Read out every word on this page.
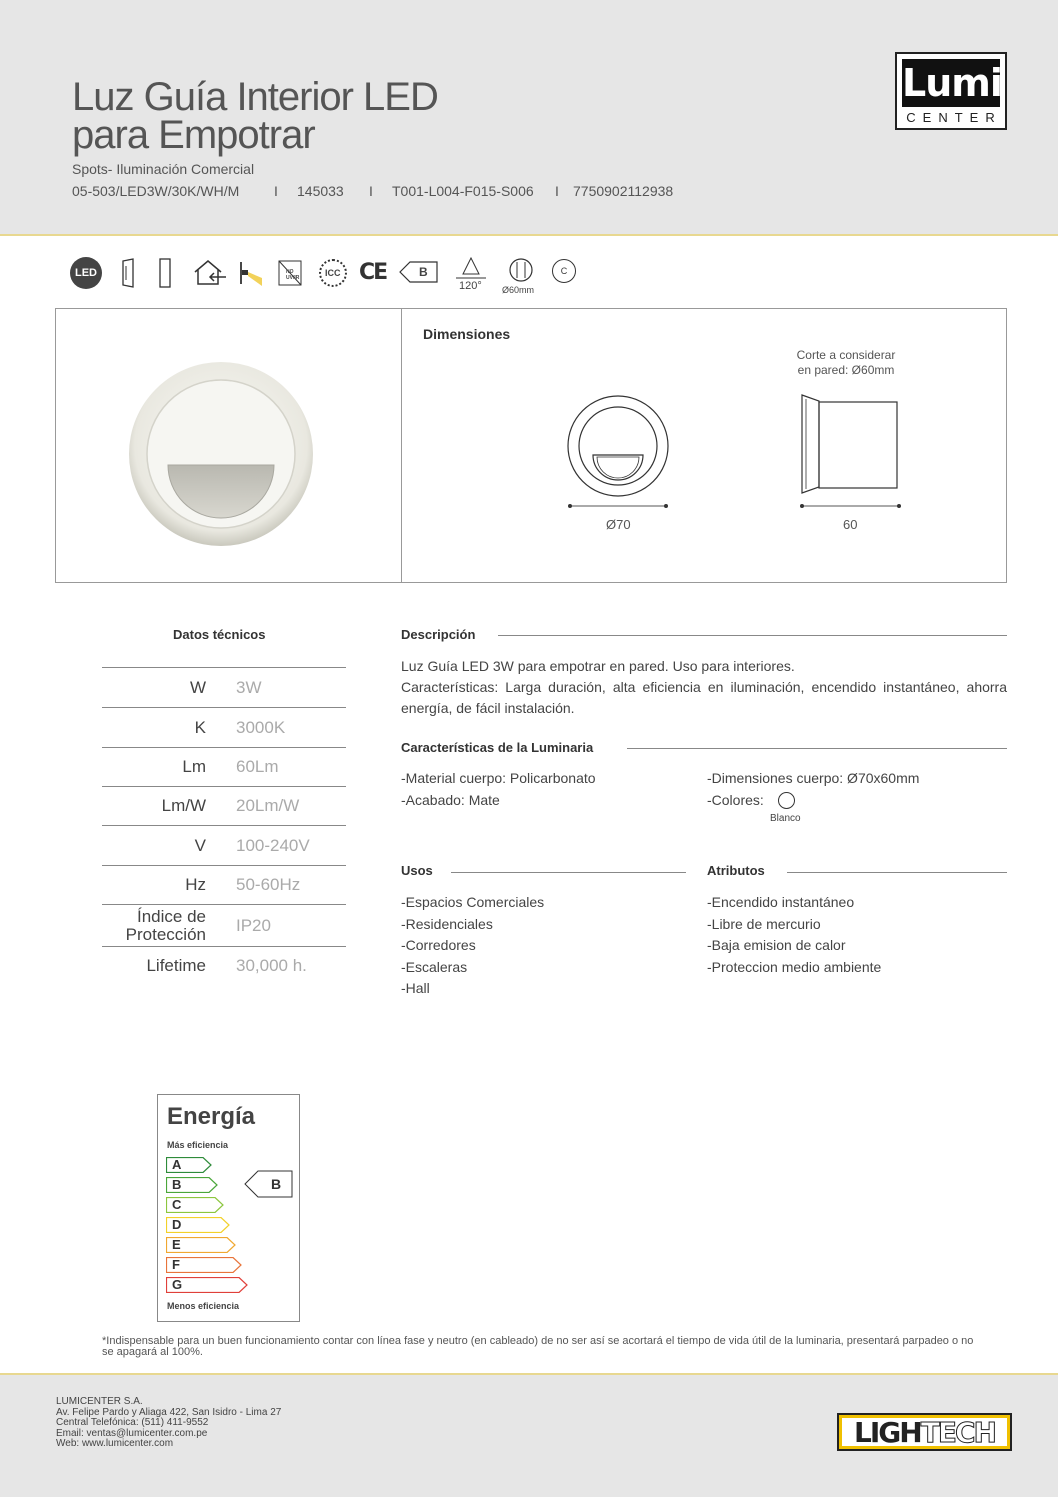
Luz Guía Interior LED
para Empotrar
Spots- Iluminación Comercial
05-503/LED3W/30K/WH/M	I	145033	I	T001-L004-F015-S006	I	7750902112938
Lumi
CENTER
LED	NO UV/IR	ICC CE	B
120° Ø60mm
C
Dimensiones
Corte a considerar
en pared: Ø60mm
Ø70	60
Datos técnicos
W 3W
K 3000K
Lm 60Lm
Lm/W 20Lm/W
V 100-240V
Hz 50-60Hz
Índice de Protección IP20
Lifetime 30,000 h.
Descripción
Luz Guía LED 3W para empotrar en pared. Uso para interiores.
Características: Larga duración, alta eficiencia en iluminación, encendido instantáneo, ahorra energía, de fácil instalación.
Características de la Luminaria
-Material cuerpo: Policarbonato
-Acabado: Mate
-Dimensiones cuerpo: Ø70x60mm
-Colores:
Blanco
Usos
-Espacios Comerciales
-Residenciales
-Corredores
-Escaleras
-Hall
Atributos
-Encendido instantáneo
-Libre de mercurio
-Baja emision de calor
-Proteccion medio ambiente
Energía
Más eficiencia
A
B
C
D
E
F
G
B
Menos eficiencia
*Indispensable para un buen funcionamiento contar con línea fase y neutro (en cableado) de no ser así se acortará el tiempo de vida útil de la luminaria, presentará parpadeo o no se apagará al 100%.
LUMICENTER S.A.
Av. Felipe Pardo y Aliaga 422, San Isidro - Lima 27
Central Telefónica: (511) 411-9552
Email: ventas@lumicenter.com.pe
Web: www.lumicenter.com	LIGHTECH
